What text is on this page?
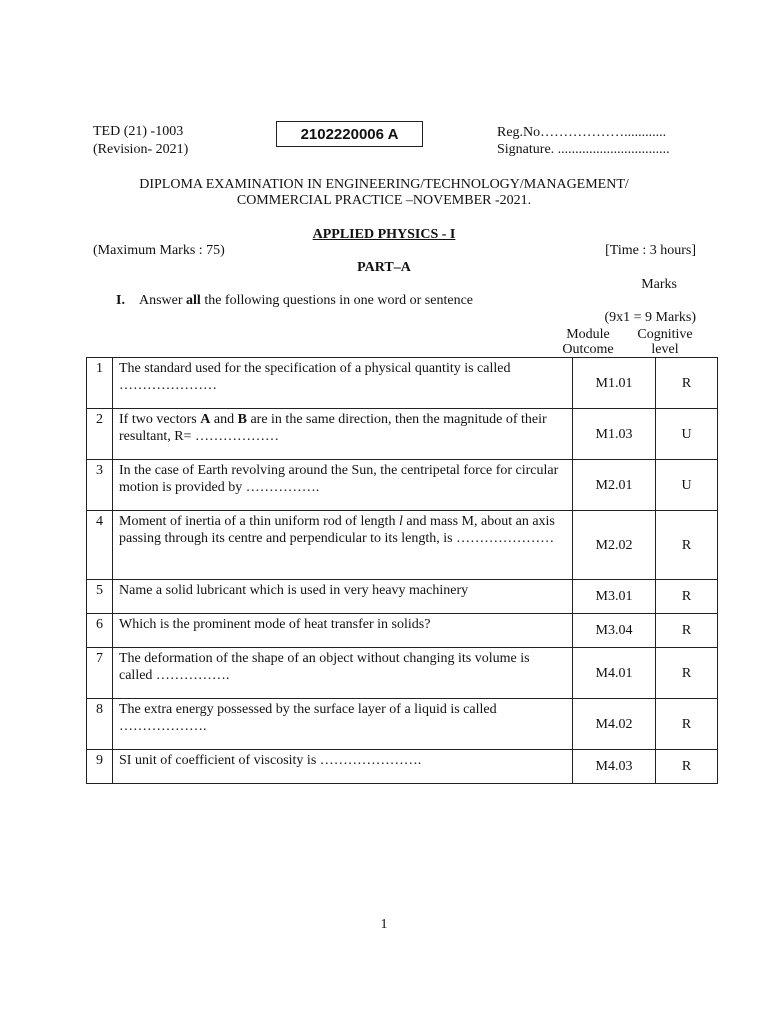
TED (21) -1003
(Revision- 2021)
2102220006 A	Reg.No………………............
Signature. ................................
DIPLOMA EXAMINATION IN ENGINEERING/TECHNOLOGY/MANAGEMENT/
COMMERCIAL PRACTICE –NOVEMBER -2021.
APPLIED PHYSICS - I
(Maximum Marks : 75)	[Time : 3 hours]
PART–A
Marks
I. Answer all the following questions in one word or sentence
(9x1 = 9 Marks)
Module
Outcome
Cognitive
level
1	The standard used for the specification of a physical quantity is called …………………	M1.01	R
2	If two vectors A and B are in the same direction, then the magnitude of their resultant, R= ………………	M1.03	U
3	In the case of Earth revolving around the Sun, the centripetal force for circular motion is provided by …………….	M2.01	U
4	Moment of inertia of a thin uniform rod of length l and mass M, about an axis passing through its centre and perpendicular to its length, is …………………	M2.02	R
5	Name a solid lubricant which is used in very heavy machinery	M3.01	R
6	Which is the prominent mode of heat transfer in solids?	M3.04	R
7	The deformation of the shape of an object without changing its volume is called …………….	M4.01	R
8	The extra energy possessed by the surface layer of a liquid is called ……………….	M4.02	R
9	SI unit of coefficient of viscosity is ………………….	M4.03	R
1
